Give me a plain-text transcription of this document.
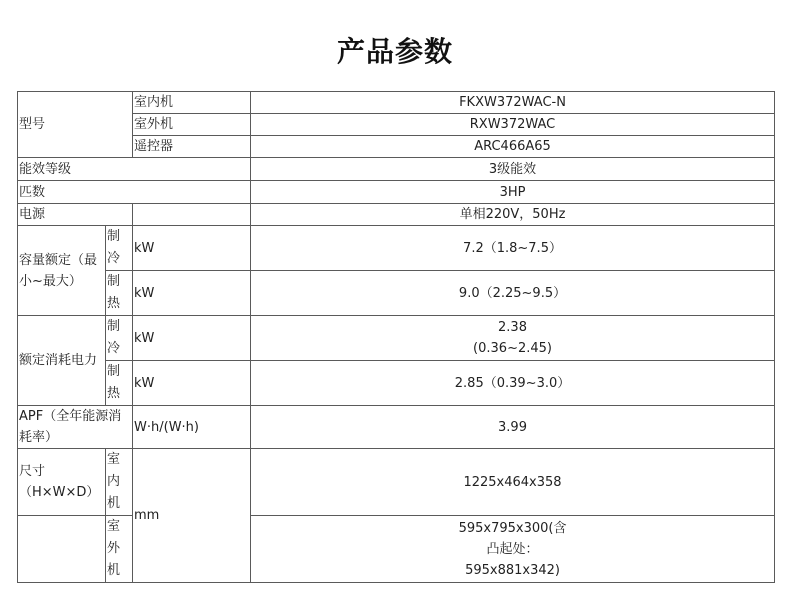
产品参数
型号		室内机	FKXW372WAC-N
		室外机	RXW372WAC
		遥控器	ARC466A65
能效等级			3级能效
匹数			3HP
电源			单相220V，50Hz
容量额定（最小~最大）	制冷	kW	7.2（1.8~7.5）
	制热	kW	9.0（2.25~9.5）
额定消耗电力	制冷	kW	2.38
(0.36~2.45)

	制热	kW	2.85（0.39~3.0）
APF（全年能源消耗率）		W·h/(W·h)	3.99
尺寸（H×W×D）	室内机	mm	1225x464x358
	室外机		595x795x300(含
凸起处：
595x881x342)
